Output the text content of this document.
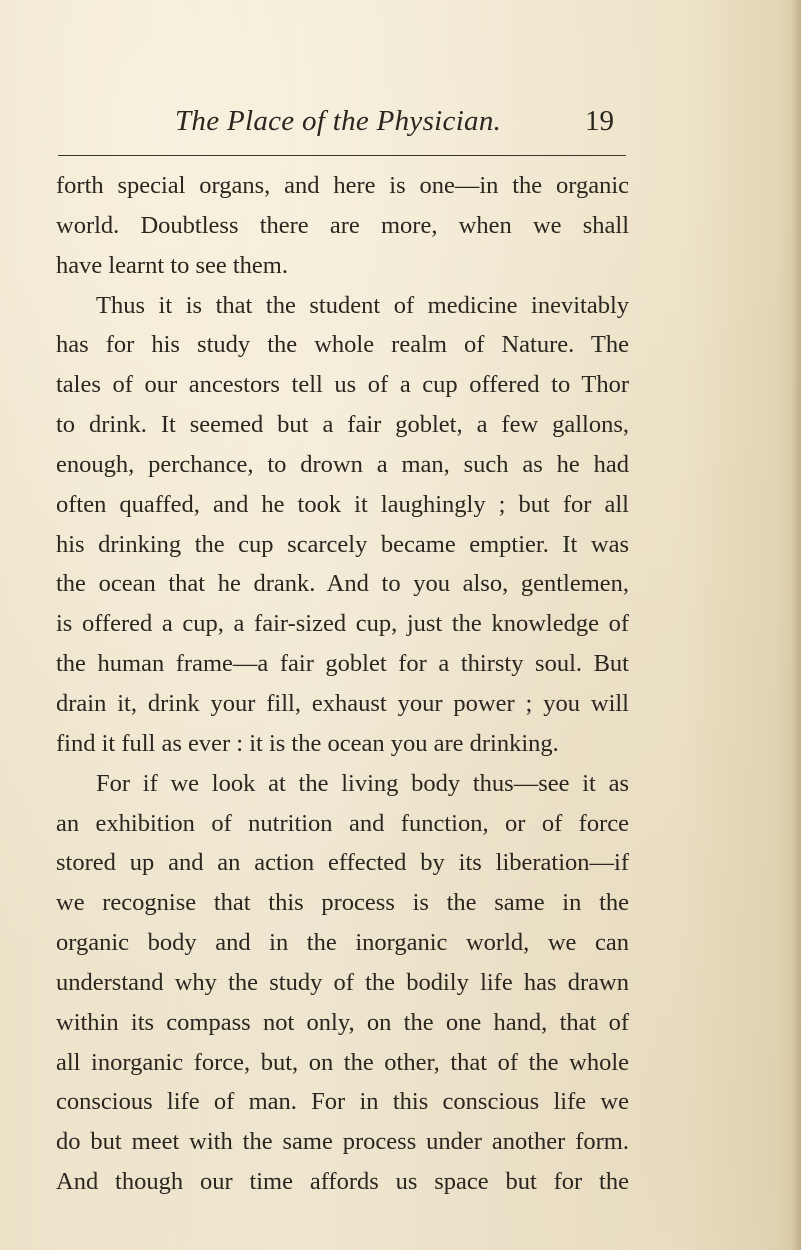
The Place of the Physician.	19
forth special organs, and here is one—in the organic
world. Doubtless there are more, when we shall
have learnt to see them.
Thus it is that the student of medicine inevitably
has for his study the whole realm of Nature. The
tales of our ancestors tell us of a cup offered to Thor
to drink. It seemed but a fair goblet, a few gallons,
enough, perchance, to drown a man, such as he had
often quaffed, and he took it laughingly ; but for all
his drinking the cup scarcely became emptier. It was
the ocean that he drank. And to you also, gentlemen,
is offered a cup, a fair-sized cup, just the knowledge of
the human frame—a fair goblet for a thirsty soul. But
drain it, drink your fill, exhaust your power ; you will
find it full as ever : it is the ocean you are drinking.
For if we look at the living body thus—see it as
an exhibition of nutrition and function, or of force
stored up and an action effected by its liberation—if
we recognise that this process is the same in the
organic body and in the inorganic world, we can
understand why the study of the bodily life has drawn
within its compass not only, on the one hand, that of
all inorganic force, but, on the other, that of the whole
conscious life of man. For in this conscious life we
do but meet with the same process under another form.
And though our time affords us space but for the
